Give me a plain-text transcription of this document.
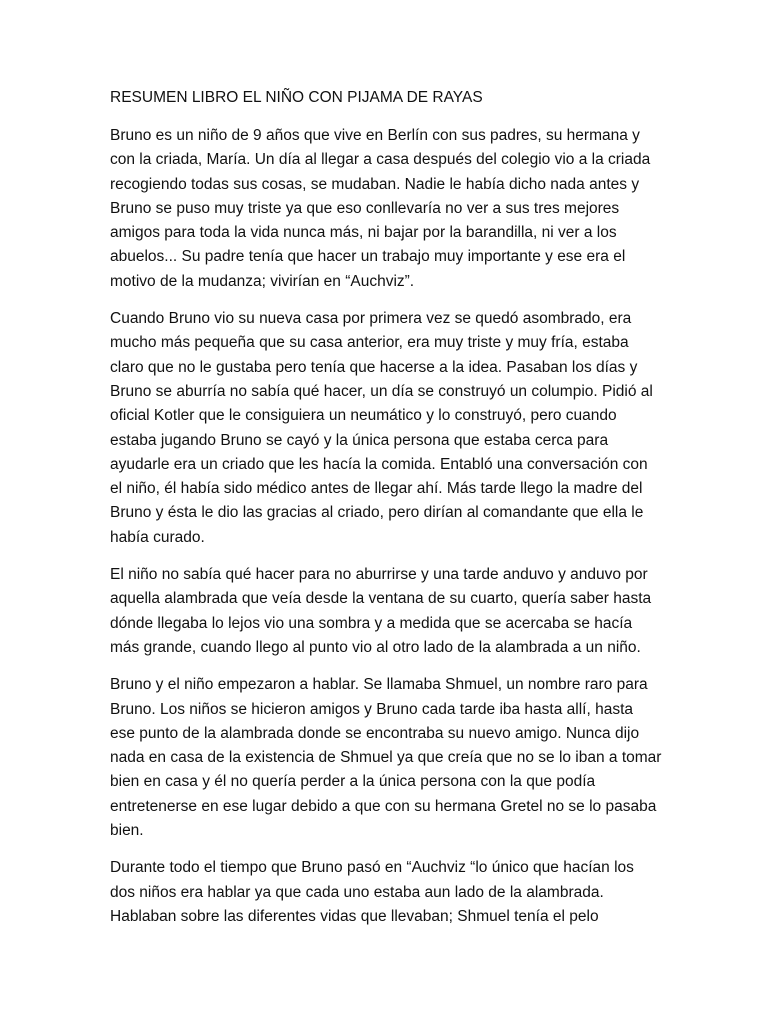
RESUMEN LIBRO EL NIÑO CON PIJAMA DE RAYAS

Bruno es un niño de 9 años que vive en Berlín con sus padres, su hermana y con la criada, María. Un día al llegar a casa después del colegio vio a la criada recogiendo todas sus cosas, se mudaban. Nadie le había dicho nada antes y Bruno se puso muy triste ya que eso conllevaría no ver a sus tres mejores amigos para toda la vida nunca más, ni bajar por la barandilla, ni ver a los abuelos... Su padre tenía que hacer un trabajo muy importante y ese era el motivo de la mudanza; vivirían en “Auchviz”.

Cuando Bruno vio su nueva casa por primera vez se quedó asombrado, era mucho más pequeña que su casa anterior, era muy triste y muy fría, estaba claro que no le gustaba pero tenía que hacerse a la idea. Pasaban los días y Bruno se aburría no sabía qué hacer, un día se construyó un columpio. Pidió al oficial Kotler que le consiguiera un neumático y lo construyó, pero cuando estaba jugando Bruno se cayó y la única persona que estaba cerca para ayudarle era un criado que les hacía la comida. Entabló una conversación con el niño, él había sido médico antes de llegar ahí. Más tarde llego la madre del Bruno y ésta le dio las gracias al criado, pero dirían al comandante que ella le había curado.

El niño no sabía qué hacer para no aburrirse y una tarde anduvo y anduvo por aquella alambrada que veía desde la ventana de su cuarto, quería saber hasta dónde llegaba lo lejos vio una sombra y a medida que se acercaba se hacía más grande, cuando llego al punto vio al otro lado de la alambrada a un niño.

Bruno y el niño empezaron a hablar. Se llamaba Shmuel, un nombre raro para Bruno. Los niños se hicieron amigos y Bruno cada tarde iba hasta allí, hasta ese punto de la alambrada donde se encontraba su nuevo amigo. Nunca dijo nada en casa de la existencia de Shmuel ya que creía que no se lo iban a tomar bien en casa y él no quería perder a la única persona con la que podía entretenerse en ese lugar debido a que con su hermana Gretel no se lo pasaba bien.

Durante todo el tiempo que Bruno pasó en “Auchviz “lo único que hacían los dos niños era hablar ya que cada uno estaba aun lado de la alambrada. Hablaban sobre las diferentes vidas que llevaban; Shmuel tenía el pelo
